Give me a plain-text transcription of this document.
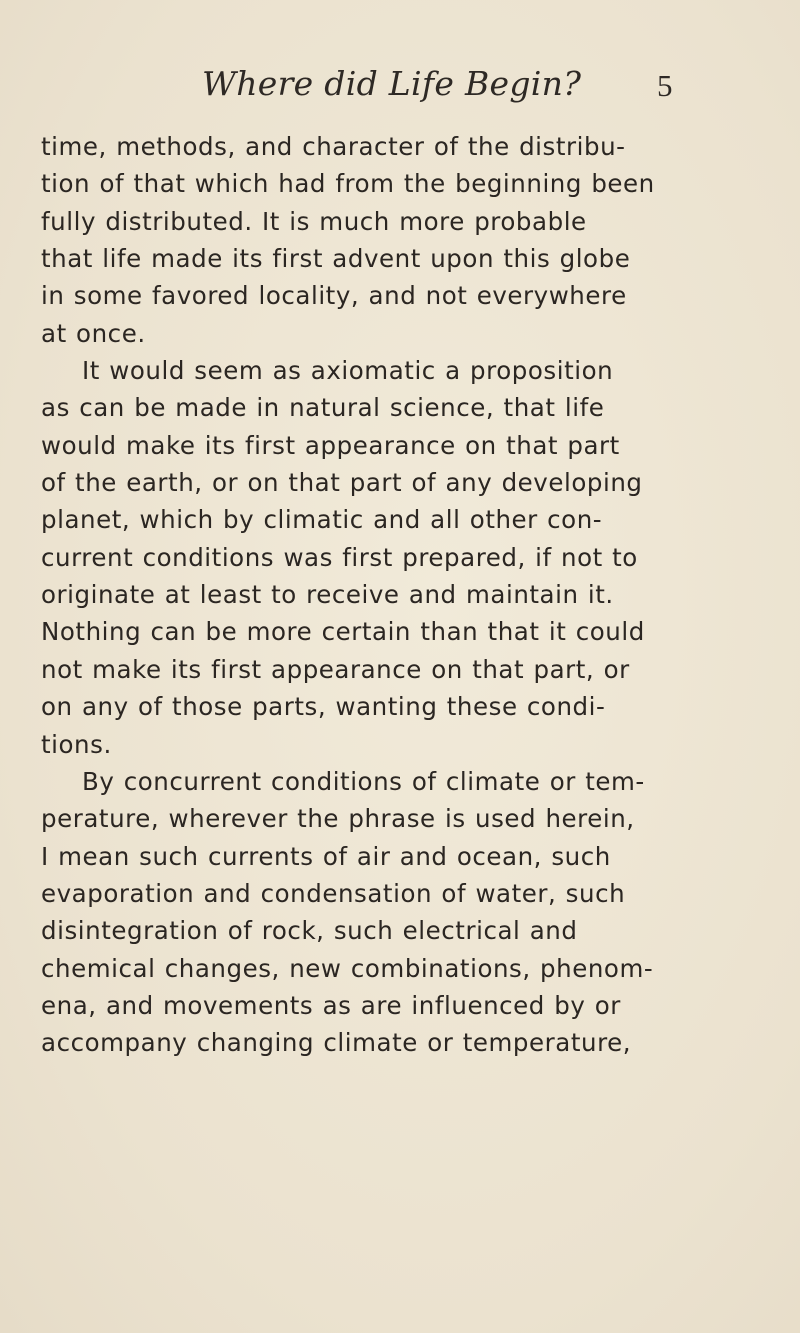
Where did Life Begin? 5
time, methods, and character of the distribu-
tion of that which had from the beginning been
fully distributed. It is much more probable
that life made its first advent upon this globe
in some favored locality, and not everywhere
at once.
It would seem as axiomatic a proposition
as can be made in natural science, that life
would make its first appearance on that part
of the earth, or on that part of any developing
planet, which by climatic and all other con-
current conditions was first prepared, if not to
originate at least to receive and maintain it.
Nothing can be more certain than that it could
not make its first appearance on that part, or
on any of those parts, wanting these condi-
tions.
By concurrent conditions of climate or tem-
perature, wherever the phrase is used herein,
I mean such currents of air and ocean, such
evaporation and condensation of water, such
disintegration of rock, such electrical and
chemical changes, new combinations, phenom-
ena, and movements as are influenced by or
accompany changing climate or temperature,
